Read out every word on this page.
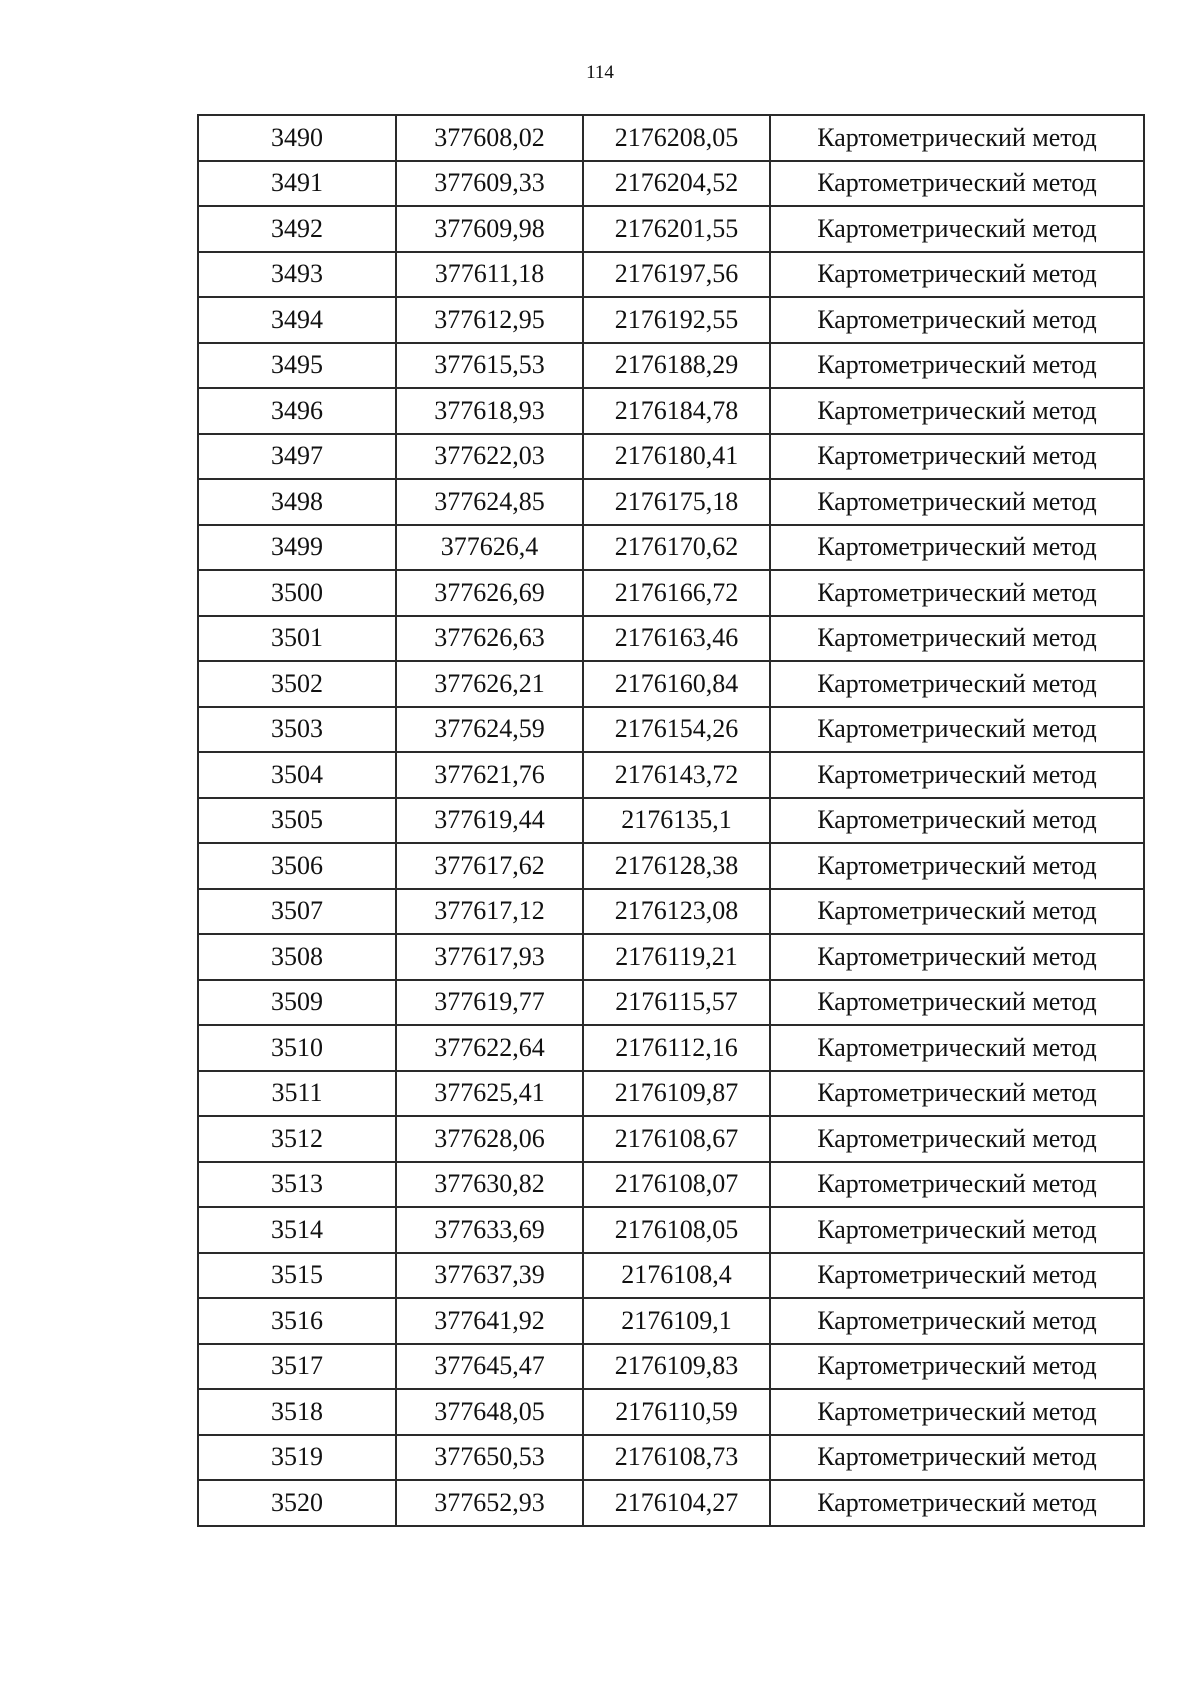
114
3490	377608,02	2176208,05	Картометрический метод
3491	377609,33	2176204,52	Картометрический метод
3492	377609,98	2176201,55	Картометрический метод
3493	377611,18	2176197,56	Картометрический метод
3494	377612,95	2176192,55	Картометрический метод
3495	377615,53	2176188,29	Картометрический метод
3496	377618,93	2176184,78	Картометрический метод
3497	377622,03	2176180,41	Картометрический метод
3498	377624,85	2176175,18	Картометрический метод
3499	377626,4	2176170,62	Картометрический метод
3500	377626,69	2176166,72	Картометрический метод
3501	377626,63	2176163,46	Картометрический метод
3502	377626,21	2176160,84	Картометрический метод
3503	377624,59	2176154,26	Картометрический метод
3504	377621,76	2176143,72	Картометрический метод
3505	377619,44	2176135,1	Картометрический метод
3506	377617,62	2176128,38	Картометрический метод
3507	377617,12	2176123,08	Картометрический метод
3508	377617,93	2176119,21	Картометрический метод
3509	377619,77	2176115,57	Картометрический метод
3510	377622,64	2176112,16	Картометрический метод
3511	377625,41	2176109,87	Картометрический метод
3512	377628,06	2176108,67	Картометрический метод
3513	377630,82	2176108,07	Картометрический метод
3514	377633,69	2176108,05	Картометрический метод
3515	377637,39	2176108,4	Картометрический метод
3516	377641,92	2176109,1	Картометрический метод
3517	377645,47	2176109,83	Картометрический метод
3518	377648,05	2176110,59	Картометрический метод
3519	377650,53	2176108,73	Картометрический метод
3520	377652,93	2176104,27	Картометрический метод
